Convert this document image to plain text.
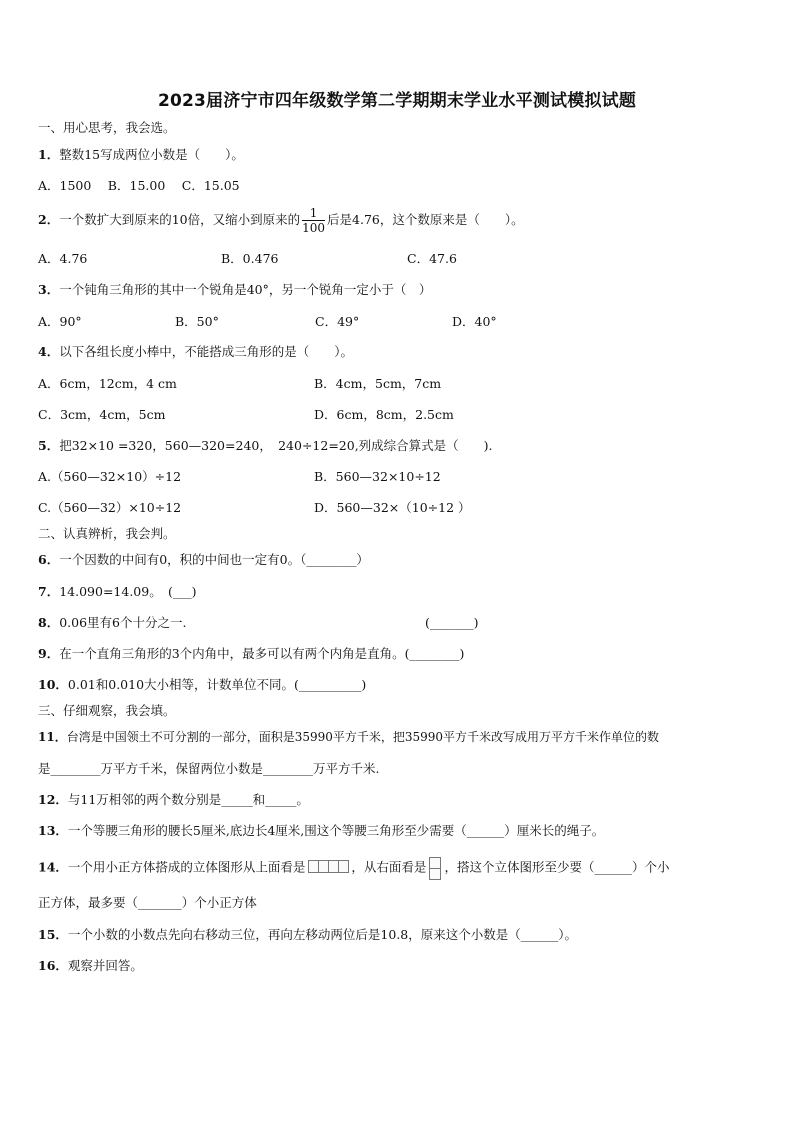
2023届济宁市四年级数学第二学期期末学业水平测试模拟试题
一、用心思考，我会选。
1．整数15写成两位小数是（　　）。
A．1500　 B．15.00　 C．15.05
2．一个数扩大到原来的10倍，又缩小到原来的 $\frac{1}{100}$ 后是4.76，这个数原来是（　　）。
A．4.76	B．0.476	C．47.6
3．一个钝角三角形的其中一个锐角是40°，另一个锐角一定小于（　）
A．90°	B．50°	C．49°	D．40°
4．以下各组长度小棒中，不能搭成三角形的是（　　）。
A．6cm，12cm，4 cm	B．4cm，5cm，7cm
C．3cm，4cm，5cm	D．6cm，8cm，2.5cm
5．把32×10 =320，560—320=240，　240÷12=20,列成综合算式是（　　).
A.（560—32×10）÷12	B．560—32×10÷12
C.（560—32）×10÷12	D．560—32×（10÷12 ）
二、认真辨析，我会判。
6．一个因数的中间有0，积的中间也一定有0。（________）
7．14.090=14.09。　(___)
8．0.06里有6个十分之一.	(_______)
9．在一个直角三角形的3个内角中，最多可以有两个内角是直角。(________)
10．0.01和0.010大小相等，计数单位不同。(__________)
三、仔细观察，我会填。
11．台湾是中国领土不可分割的一部分，面积是35990平方千米，把35990平方千米改写成用万平方千米作单位的数
是________万平方千米，保留两位小数是________万平方千米.
12．与11万相邻的两个数分别是_____和_____。
13．一个等腰三角形的腰长5厘米,底边长4厘米,围这个等腰三角形至少需要（______）厘米长的绳子。
14．一个用小正方体搭成的立体图形从上面看是	，从右面看是 ，搭这个立体图形至少要（______）个小
正方体，最多要（_______）个小正方体
15．一个小数的小数点先向右移动三位，再向左移动两位后是10.8，原来这个小数是（______）。
16．观察并回答。
